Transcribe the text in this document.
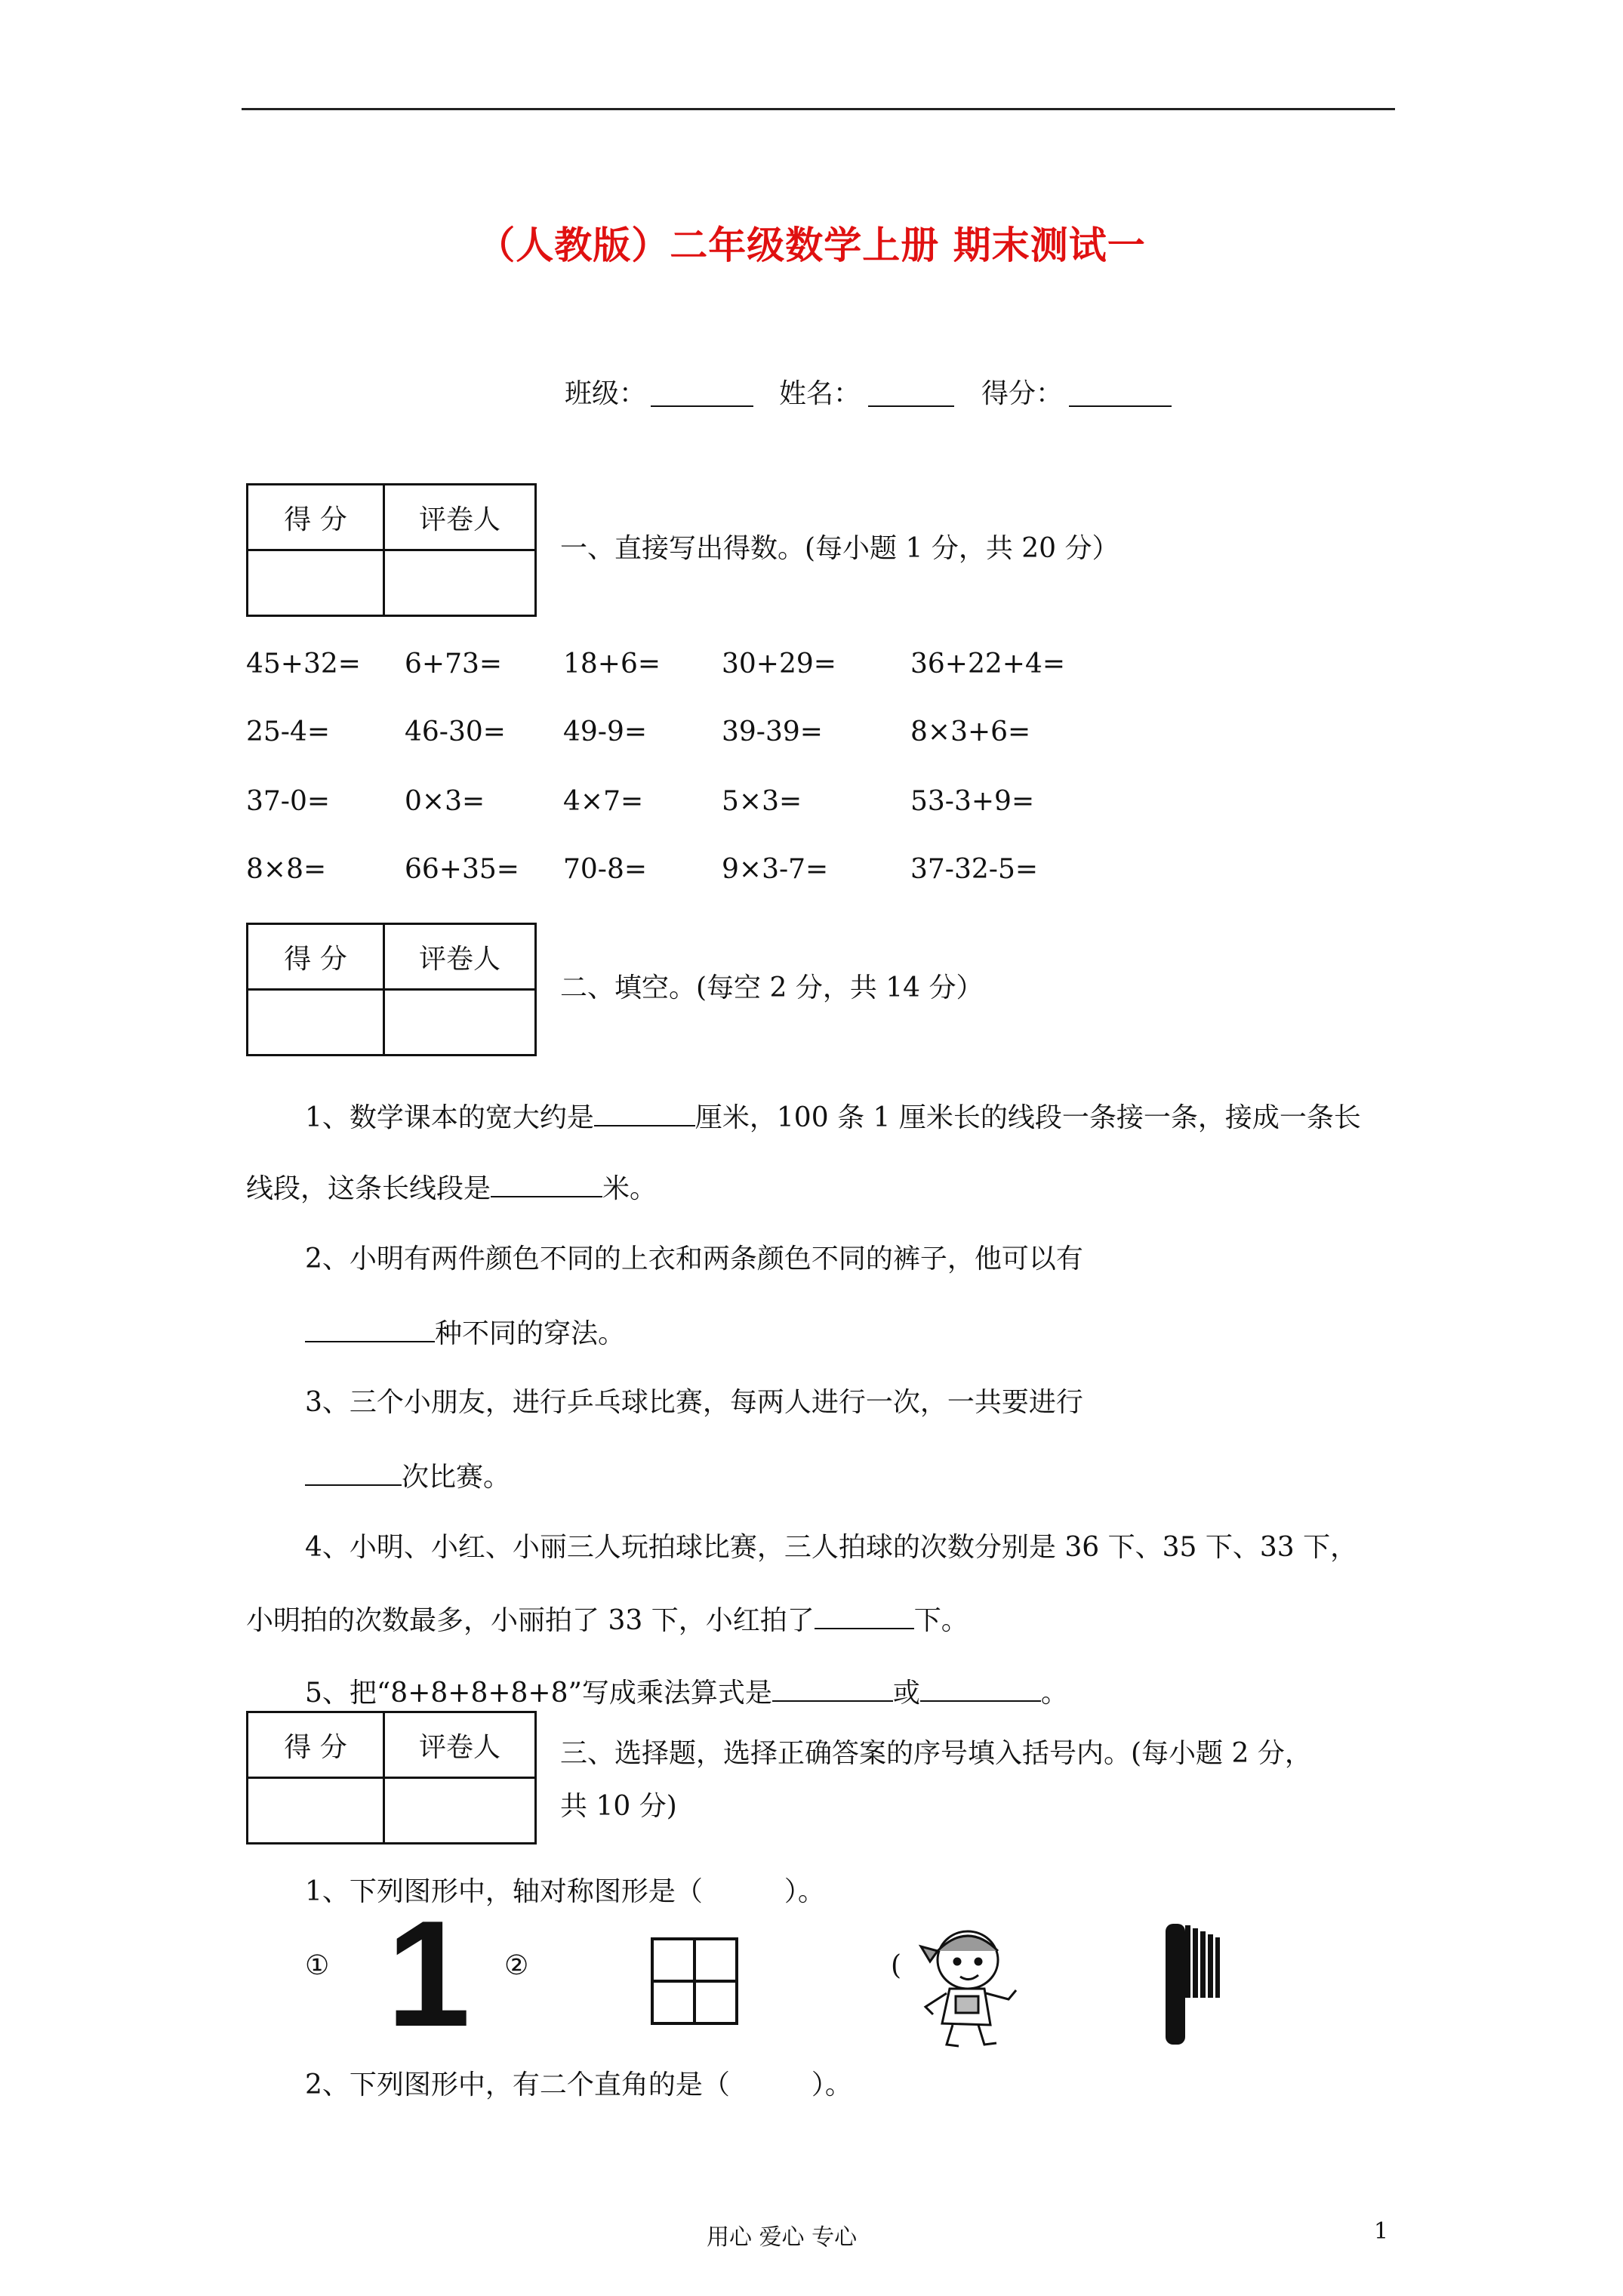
（人教版）二年级数学上册 期末测试一
班级：	姓名：	得分：
得 分	评卷人

一、直接写出得数。(每小题 1 分，共 20 分）
45+32= 6+73= 18+6= 30+29=	36+22+4=
25-4=	46-30= 49-9=	39-39=	8×3+6=
37-0=	0×3=	4×7=	5×3=	53-3+9=
8×8=	66+35= 70-8=	9×3-7=	37-32-5=
得 分	评卷人

二、填空。(每空 2 分，共 14 分）
1、数学课本的宽大约是	厘米，100 条 1 厘米长的线段一条接一条，接成一条长
线段，这条长线段是	米。
2、小明有两件颜色不同的上衣和两条颜色不同的裤子，他可以有
种不同的穿法。
3、三个小朋友，进行乒乓球比赛，每两人进行一次，一共要进行
次比赛。
4、小明、小红、小丽三人玩拍球比赛，三人拍球的次数分别是 36 下、35 下、33 下，
小明拍的次数最多，小丽拍了 33 下，小红拍了	下。
5、把“8+8+8+8+8”写成乘法算式是	或	。
得 分	评卷人
	三、选择题，选择正确答案的序号填入括号内。(每小题 2 分，
共 10 分)
1、下列图形中，轴对称图形是（　　　）。
① 1 ②	(
2、下列图形中，有二个直角的是（　　　）。
用心 爱心 专心	1
